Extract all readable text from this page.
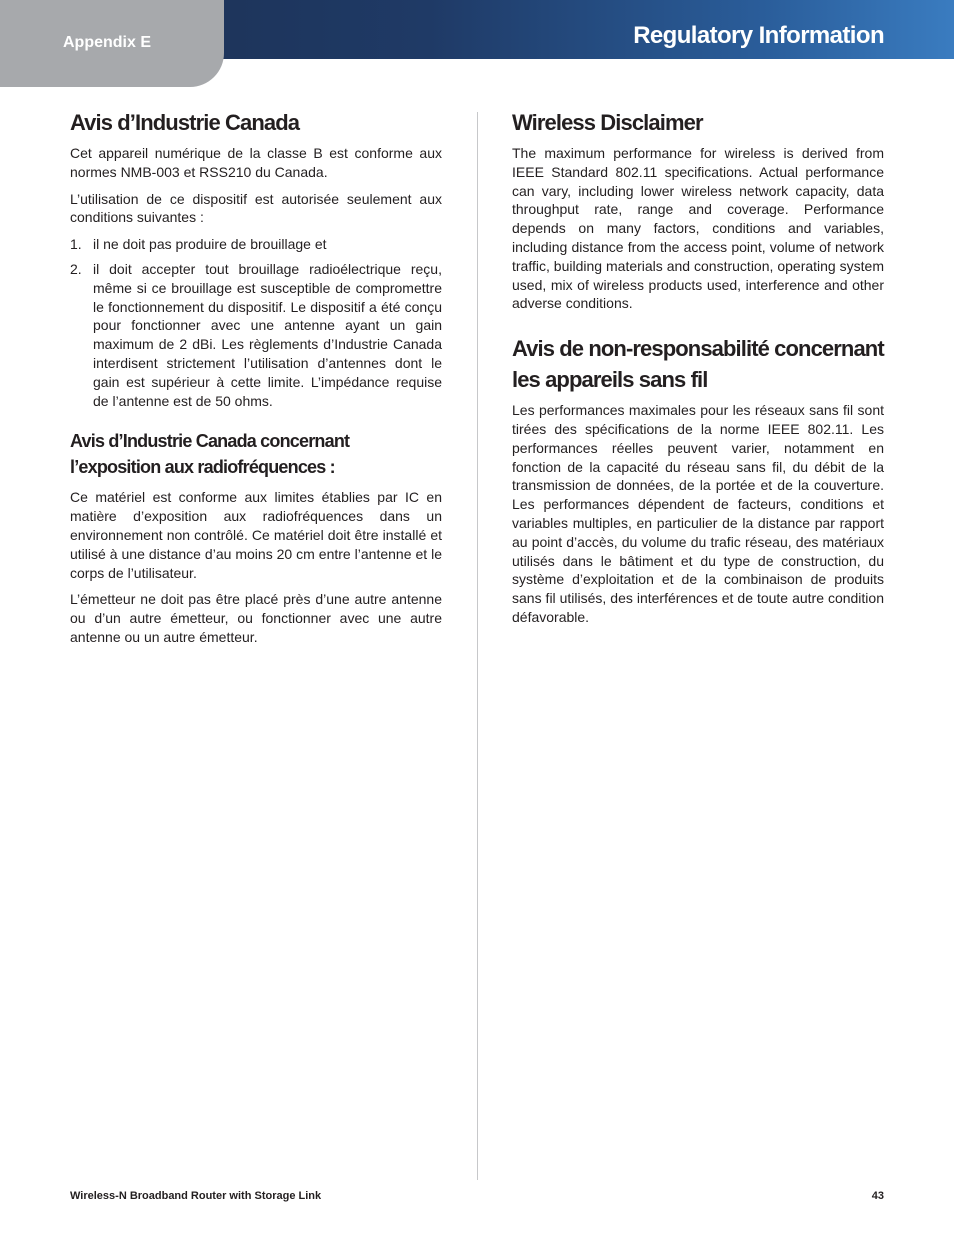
Appendix E	Regulatory Information
Avis d’Industrie Canada

Cet appareil numérique de la classe B est conforme aux normes NMB-003 et RSS210 du Canada.

L’utilisation de ce dispositif est autorisée seulement aux conditions suivantes :

1. il ne doit pas produire de brouillage et
2. il doit accepter tout brouillage radioélectrique reçu, même si ce brouillage est susceptible de compromettre le fonctionnement du dispositif. Le dispositif a été conçu pour fonctionner avec une antenne ayant un gain maximum de 2 dBi. Les règlements d’Industrie Canada interdisent strictement l’utilisation d’antennes dont le gain est supérieur à cette limite. L’impédance requise de l’antenne est de 50 ohms.
Avis d’Industrie Canada concernant l’exposition aux radiofréquences :

Ce matériel est conforme aux limites établies par IC en matière d’exposition aux radiofréquences dans un environnement non contrôlé. Ce matériel doit être installé et utilisé à une distance d’au moins 20 cm entre l’antenne et le corps de l’utilisateur.

L’émetteur ne doit pas être placé près d’une autre antenne ou d’un autre émetteur, ou fonctionner avec une autre antenne ou un autre émetteur.

Wireless Disclaimer

The maximum performance for wireless is derived from IEEE Standard 802.11 specifications. Actual performance can vary, including lower wireless network capacity, data throughput rate, range and coverage. Performance depends on many factors, conditions and variables, including distance from the access point, volume of network traffic, building materials and construction, operating system used, mix of wireless products used, interference and other adverse conditions.

Avis de non-responsabilité concernant les appareils sans fil

Les performances maximales pour les réseaux sans fil sont tirées des spécifications de la norme IEEE 802.11. Les performances réelles peuvent varier, notamment en fonction de la capacité du réseau sans fil, du débit de la transmission de données, de la portée et de la couverture. Les performances dépendent de facteurs, conditions et variables multiples, en particulier de la distance par rapport au point d’accès, du volume du trafic réseau, des matériaux utilisés dans le bâtiment et du type de construction, du système d’exploitation et de la combinaison de produits sans fil utilisés, des interférences et de toute autre condition défavorable.

Wireless-N Broadband Router with Storage Link	43
